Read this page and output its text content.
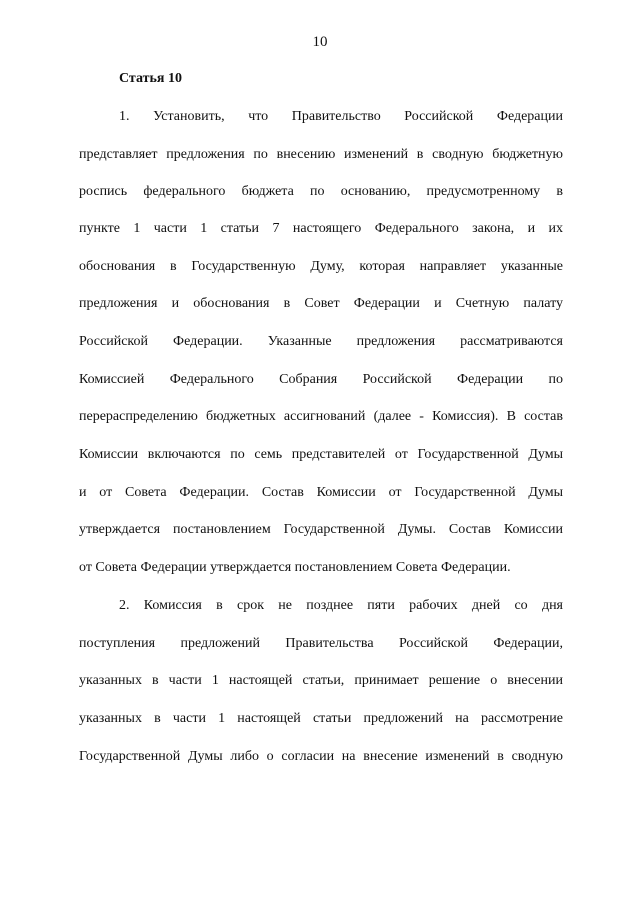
10
Статья 10
1. Установить, что Правительство Российской Федерации
представляет предложения по внесению изменений в сводную бюджетную
роспись федерального бюджета по основанию, предусмотренному в
пункте 1 части 1 статьи 7 настоящего Федерального закона, и их
обоснования в Государственную Думу, которая направляет указанные
предложения и обоснования в Совет Федерации и Счетную палату
Российской Федерации. Указанные предложения рассматриваются
Комиссией Федерального Собрания Российской Федерации по
перераспределению бюджетных ассигнований (далее - Комиссия). В состав
Комиссии включаются по семь представителей от Государственной Думы
и от Совета Федерации. Состав Комиссии от Государственной Думы
утверждается постановлением Государственной Думы. Состав Комиссии
от Совета Федерации утверждается постановлением Совета Федерации.
2. Комиссия в срок не позднее пяти рабочих дней со дня
поступления предложений Правительства Российской Федерации,
указанных в части 1 настоящей статьи, принимает решение о внесении
указанных в части 1 настоящей статьи предложений на рассмотрение
Государственной Думы либо о согласии на внесение изменений в сводную
